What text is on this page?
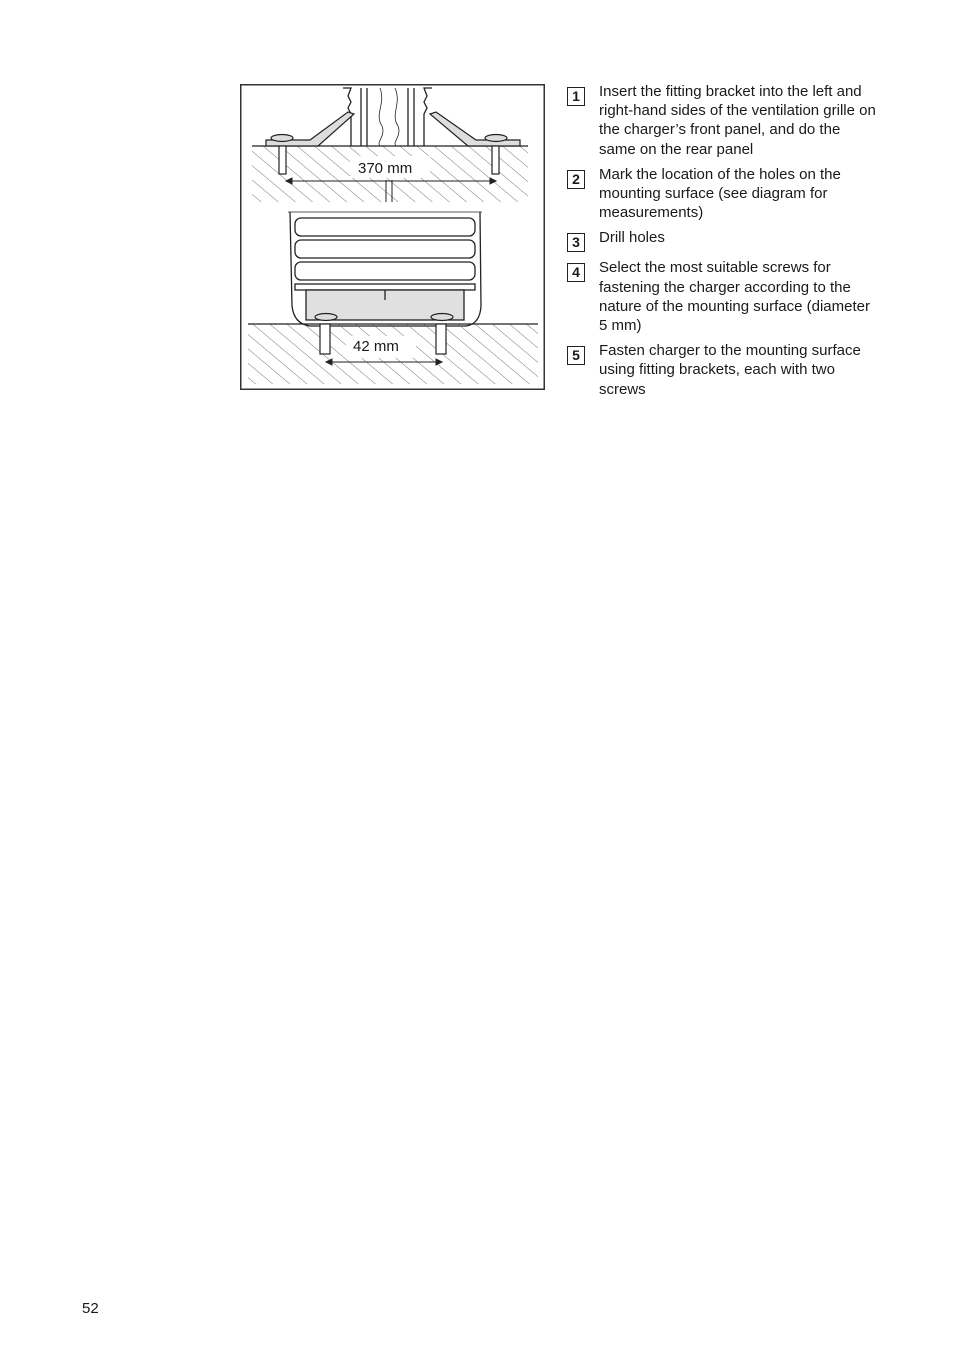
370 mm
42 mm
1	Insert the fitting bracket into the left and right-hand sides of the ventilation grille on the charger’s front panel, and do the same on the rear panel
2	Mark the location of the holes on the mounting surface (see diagram for measurements)
3	Drill holes
4	Select the most suitable screws for fastening the charger according to the nature of the mounting surface (diameter 5 mm)
5	Fasten charger to the mounting surface using fitting brackets, each with two screws
52
